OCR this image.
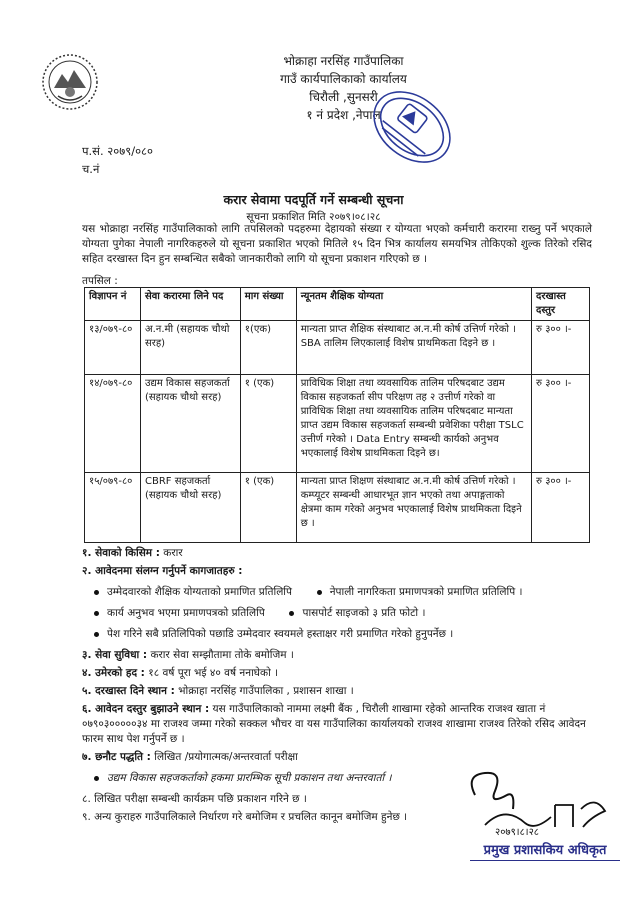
भोक्राहा नरसिंह गाउँपालिका
गाउँ कार्यपालिकाको कार्यालय
चिरौली ,सुनसरी
१ नं प्रदेश ,नेपाल
प.सं. २०७९/०८०
च.नं
करार सेवामा पदपूर्ति गर्ने सम्बन्धी सूचना
सूचना प्रकाशित मिति २०७९।०८।२८
यस भोक्राहा नरसिंह गाउँपालिकाको लागि तपसिलको पदहरुमा देहायको संख्या र योग्यता भएको कर्मचारी करारमा राख्नु पर्ने भएकाले योग्यता पुगेका नेपाली नागरिकहरुले यो सूचना प्रकाशित भएको मितिले १५ दिन भित्र कार्यालय समयभित्र तोकिएको शुल्क तिरेको रसिद सहित दरखास्त दिन हुन सम्बन्धित सबैको जानकारीको लागि यो सूचना प्रकाशन गरिएको छ ।
तपसिल :
विज्ञापन नं	सेवा करारमा लिने पद	माग संख्या	न्यूनतम शैक्षिक योग्यता	दरखास्त दस्तुर
१३/०७९-८०	अ.न.मी (सहायक चौथो सरह)	१(एक)	मान्यता प्राप्त शैक्षिक संस्थाबाट अ.न.मी कोर्ष उत्तिर्ण गरेको । SBA तालिम लिएकालाई विशेष प्राथमिकता दिइने छ ।	रु ३०० ।-
१४/०७९-८०	उद्यम विकास सहजकर्ता (सहायक चौथो सरह)	१ (एक)	प्राविधिक शिक्षा तथा व्यवसायिक तालिम परिषदबाट उद्यम विकास सहजकर्ता सीप परिक्षण तह २ उत्तीर्ण गरेको वा प्राविधिक शिक्षा तथा व्यवसायिक तालिम परिषदबाट मान्यता प्राप्त उद्यम विकास सहजकर्ता सम्बन्धी प्रवेशिका परीक्षा TSLC उत्तीर्ण गरेको । Data Entry सम्बन्धी कार्यको अनुभव भएकालाई विशेष प्राथमिकता दिइने छ।	रु ३०० ।-
१५/०७९-८०	CBRF सहजकर्ता (सहायक चौथो सरह)	१ (एक)	मान्यता प्राप्त शिक्षण संस्थाबाट अ.न.मी कोर्ष उत्तिर्ण गरेको । कम्प्यूटर सम्बन्धी आधारभूत ज्ञान भएको तथा अपाङ्गताको क्षेत्रमा काम गरेको अनुभव भएकालाई विशेष प्राथमिकता दिइने छ ।	रु ३०० ।-
१. सेवाको किसिम : करार
२. आवेदनमा संलग्न गर्नुपर्ने कागजातहरु :
उम्मेदवारको शैक्षिक योग्यताको प्रमाणित प्रतिलिपि	नेपाली नागरिकता प्रमाणपत्रको प्रमाणित प्रतिलिपि ।
कार्य अनुभव भएमा प्रमाणपत्रको प्रतिलिपि	पासपोर्ट साइजको ३ प्रति फोटो ।
पेश गरिने सबै प्रतिलिपिको पछाडि उम्मेदवार स्वयमले हस्ताक्षर गरी प्रमाणित गरेको हुनुपर्नेछ ।
३. सेवा सुविधा : करार सेवा सम्झौतामा तोके बमोजिम ।
४. उमेरको हद : १८ वर्ष पूरा भई ४० वर्ष ननाघेको ।
५. दरखास्त दिने स्थान : भोक्राहा नरसिंह गाउँपालिका , प्रशासन शाखा ।
६. आवेदन दस्तुर बुझाउने स्थान : यस गाउँपालिकाको नाममा लक्ष्मी बैंक , चिरौली शाखामा रहेको आन्तरिक राजश्व खाता नं ०७९०३०००००३४ मा राजश्व जम्मा गरेको सक्कल भौचर वा यस गाउँपालिका कार्यालयको राजश्व शाखामा राजश्व तिरेको रसिद आवेदन फारम साथ पेश गर्नुपर्ने छ ।
७. छनौट पद्धति : लिखित /प्रयोगात्मक/अन्तरवार्ता परीक्षा
उद्यम विकास सहजकर्ताको हकमा प्रारम्भिक सूची प्रकाशन तथा अन्तरवार्ता ।
८. लिखित परीक्षा सम्बन्धी कार्यक्रम पछि प्रकाशन गरिने छ ।
९. अन्य कुराहरु गाउँपालिकाले निर्धारण गरे बमोजिम र प्रचलित कानून बमोजिम हुनेछ ।
२०७९।८।२८
प्रमुख प्रशासकिय अधिकृत
